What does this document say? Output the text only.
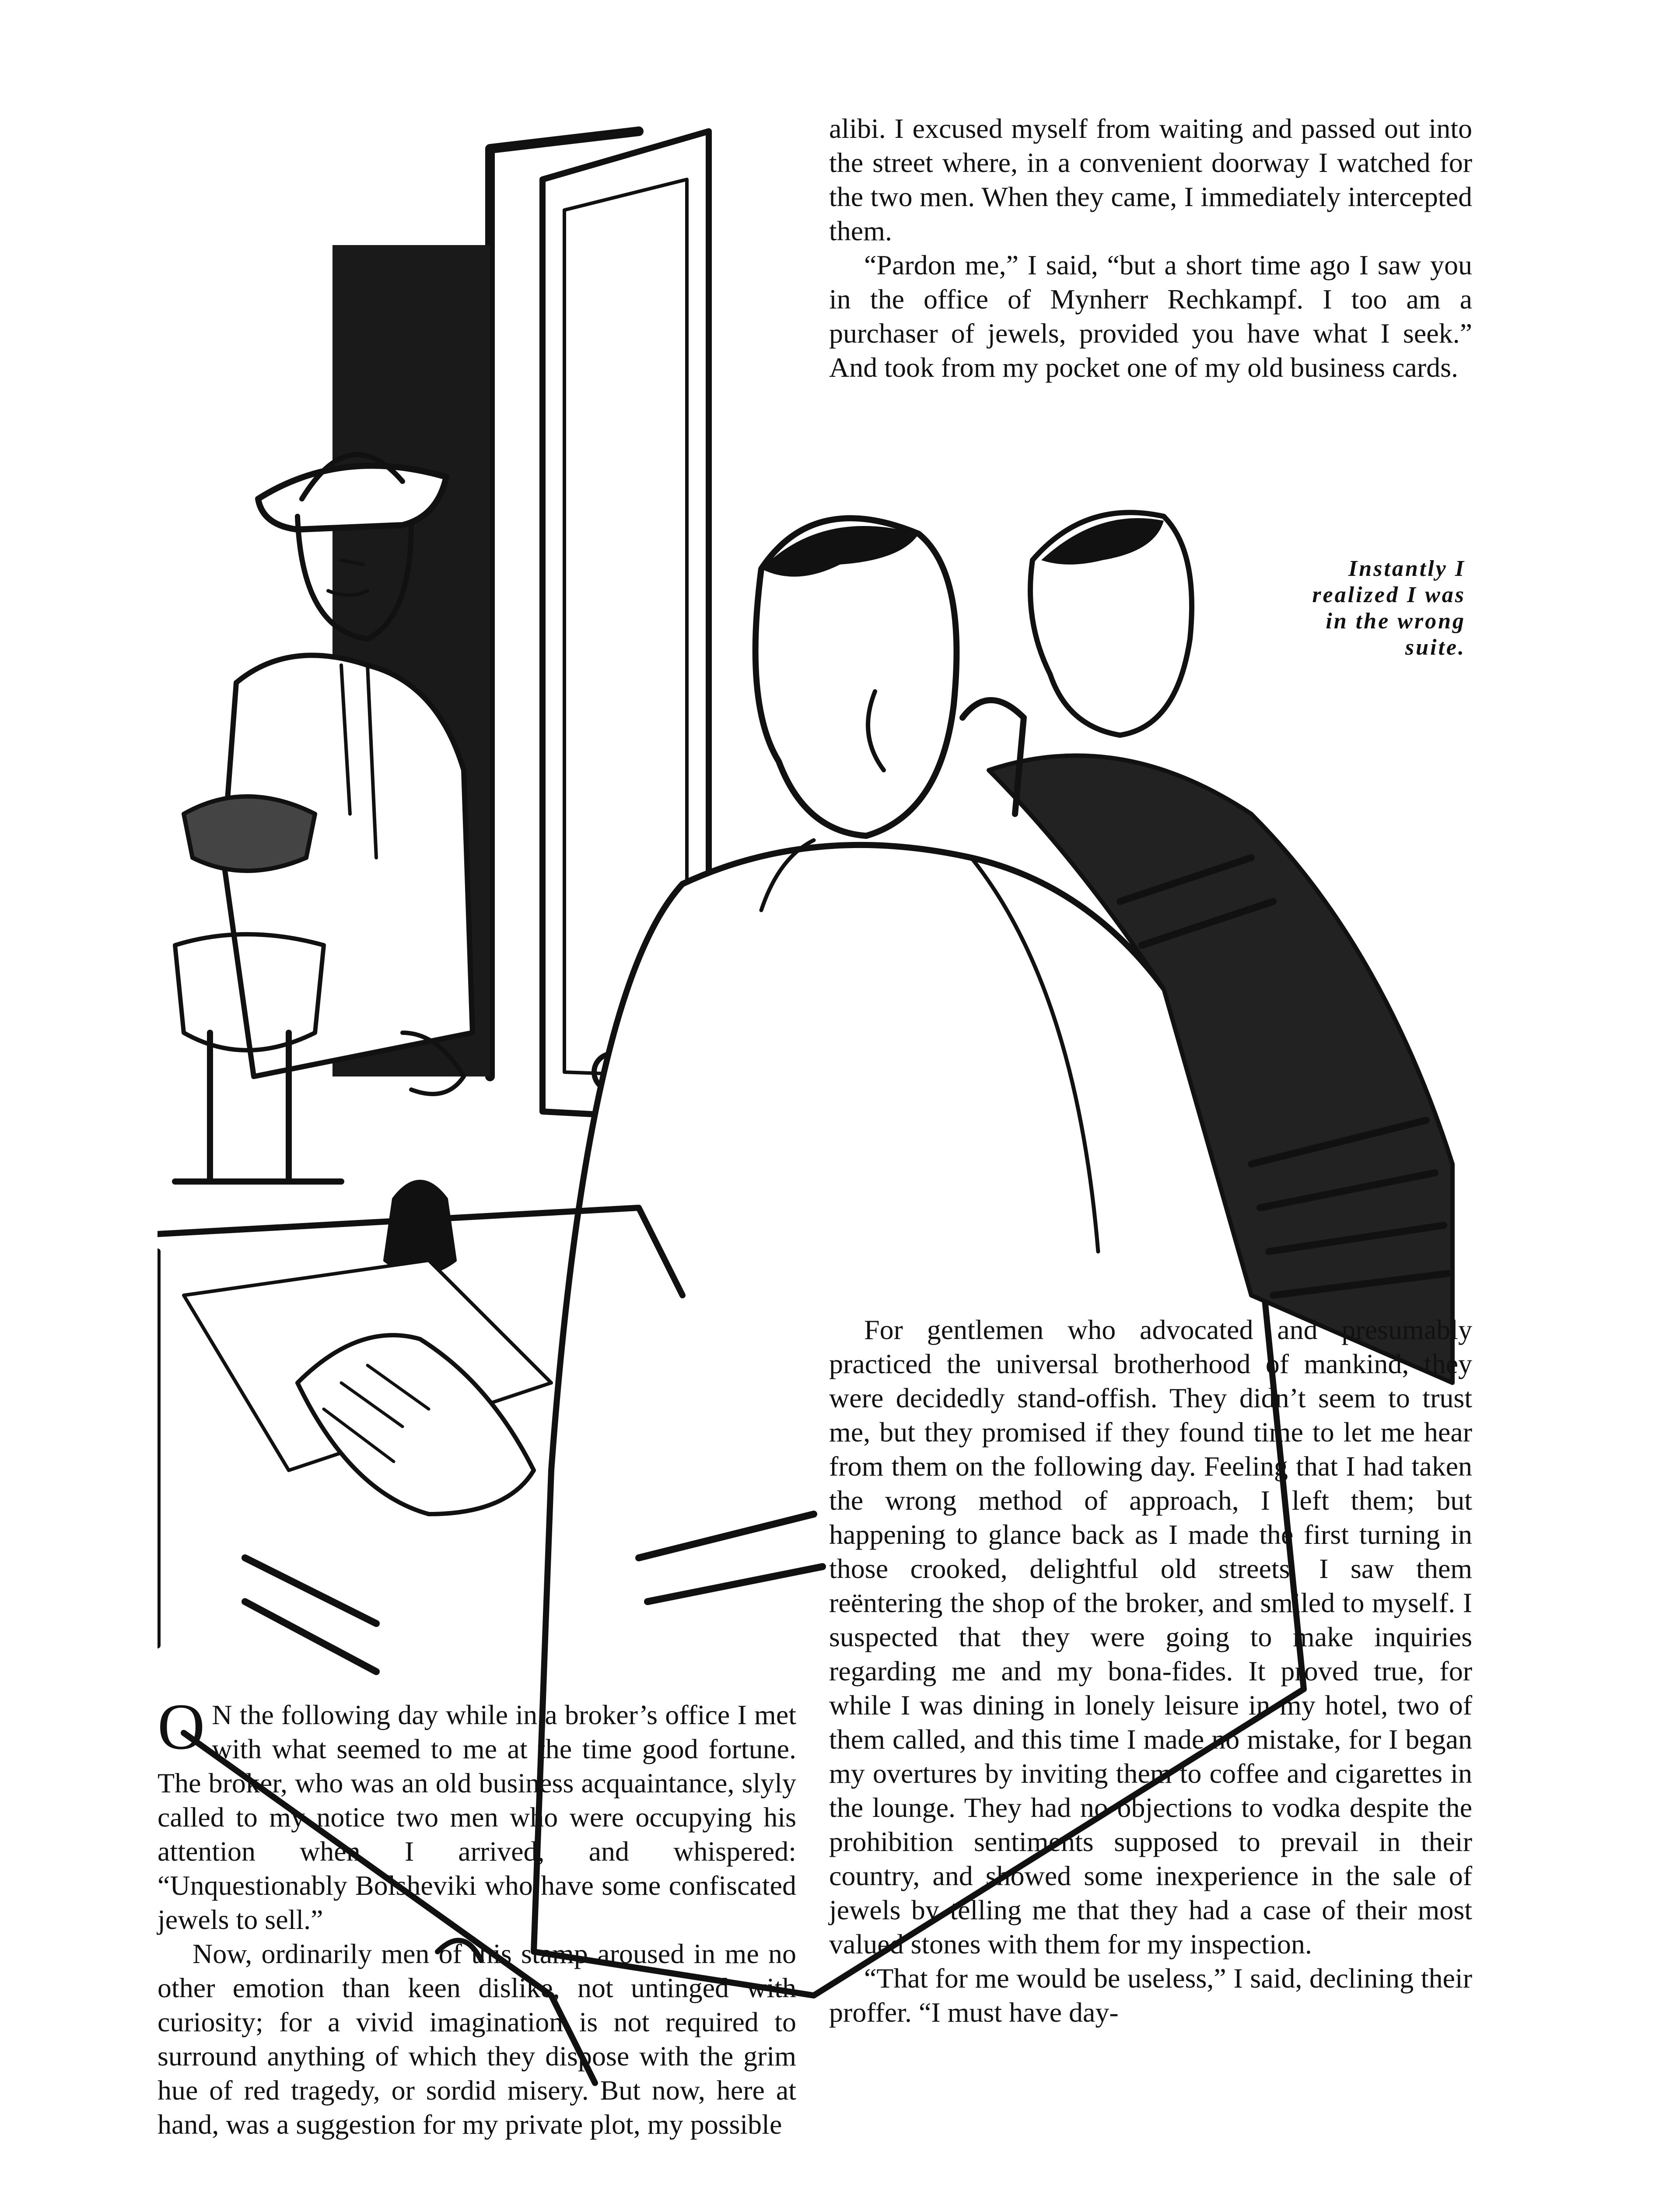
Instantly I
realized I was
in the wrong
suite.

alibi. I excused myself from waiting and passed out into the street where, in a convenient doorway I watched for the two men. When they came, I immediately intercepted them.

“Pardon me,” I said, “but a short time ago I saw you in the office of Mynherr Rechkampf. I too am a purchaser of jewels, provided you have what I seek.” And took from my pocket one of my old business cards.

For gentlemen who advocated and presumably practiced the universal brotherhood of mankind, they were decidedly stand-offish. They didn’t seem to trust me, but they promised if they found time to let me hear from them on the following day. Feeling that I had taken the wrong method of approach, I left them; but happening to glance back as I made the first turning in those crooked, delightful old streets, I saw them reëntering the shop of the broker, and smiled to myself. I suspected that they were going to make inquiries regarding me and my bona-fides. It proved true, for while I was dining in lonely leisure in my hotel, two of them called, and this time I made no mistake, for I began my overtures by inviting them to coffee and cigarettes in the lounge. They had no objections to vodka despite the prohibition sentiments supposed to prevail in their country, and showed some inexperience in the sale of jewels by telling me that they had a case of their most valued stones with them for my inspection.

“That for me would be useless,” I said, declining their proffer. “I must have day-

O N the following day while in a broker’s office I met with what seemed to me at the time good fortune. The broker, who was an old business acquaintance, slyly called to my notice two men who were occupying his attention when I arrived, and whispered: “Unquestionably Bolsheviki who have some confiscated jewels to sell.”

Now, ordinarily men of this stamp aroused in me no other emotion than keen dislike, not untinged with curiosity; for a vivid imagination is not required to surround anything of which they dispose with the grim hue of red tragedy, or sordid misery. But now, here at hand, was a suggestion for my private plot, my possible
